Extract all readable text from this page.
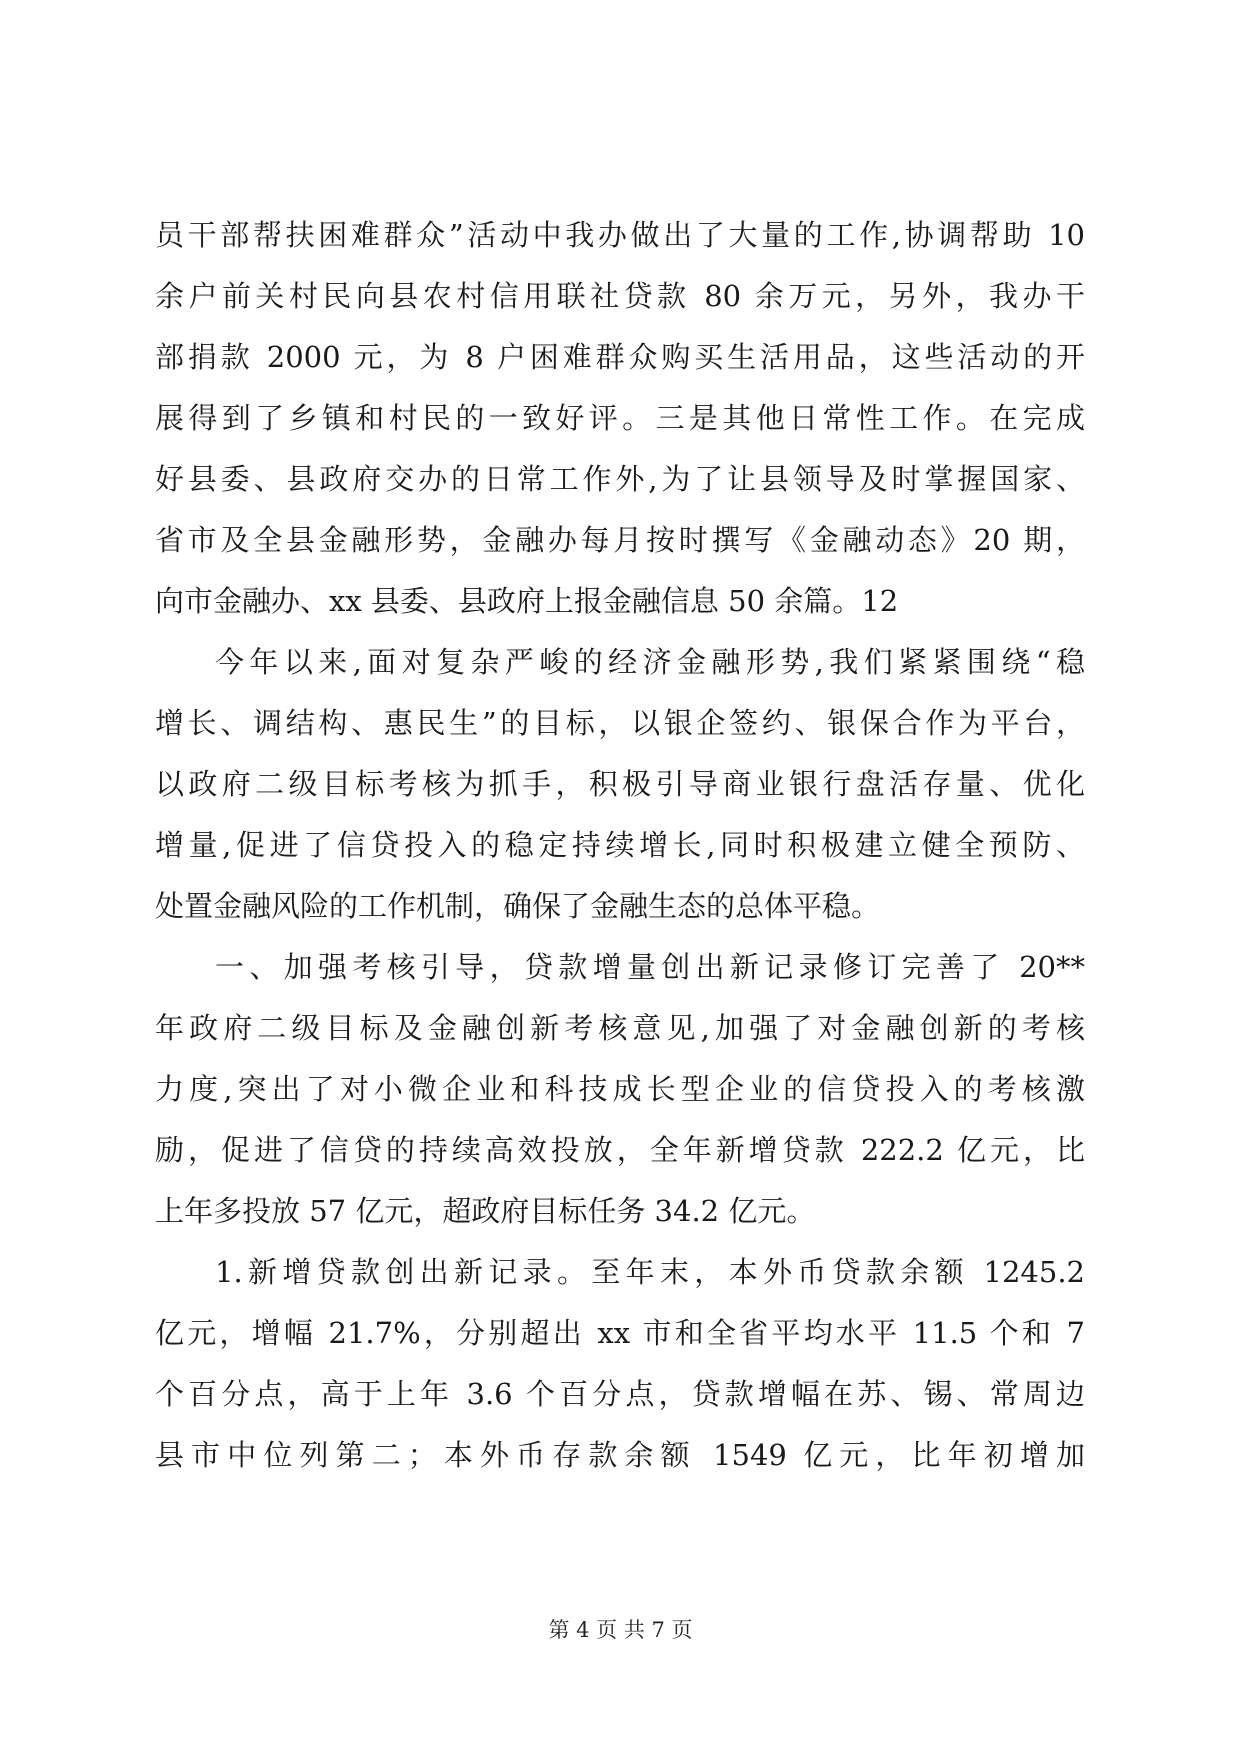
员干部帮扶困难群众”活动中我办做出了大量的工作,协调帮助 10
余户前关村民向县农村信用联社贷款 80 余万元，另外，我办干
部捐款 2000 元，为 8 户困难群众购买生活用品，这些活动的开
展得到了乡镇和村民的一致好评。三是其他日常性工作。在完成
好县委、县政府交办的日常工作外,为了让县领导及时掌握国家、
省市及全县金融形势，金融办每月按时撰写《金融动态》20 期，
向市金融办、xx 县委、县政府上报金融信息 50 余篇。12
今年以来,面对复杂严峻的经济金融形势,我们紧紧围绕“稳
增长、调结构、惠民生”的目标，以银企签约、银保合作为平台，
以政府二级目标考核为抓手，积极引导商业银行盘活存量、优化
增量,促进了信贷投入的稳定持续增长,同时积极建立健全预防、
处置金融风险的工作机制，确保了金融生态的总体平稳。
一、加强考核引导，贷款增量创出新记录修订完善了 20**
年政府二级目标及金融创新考核意见,加强了对金融创新的考核
力度,突出了对小微企业和科技成长型企业的信贷投入的考核激
励，促进了信贷的持续高效投放，全年新增贷款 222.2 亿元，比
上年多投放 57 亿元，超政府目标任务 34.2 亿元。
1.新增贷款创出新记录。至年末，本外币贷款余额 1245.2
亿元，增幅 21.7%，分别超出 xx 市和全省平均水平 11.5 个和 7
个百分点，高于上年 3.6 个百分点，贷款增幅在苏、锡、常周边
县市中位列第二；本外币存款余额 1549 亿元，比年初增加
第 4 页 共 7 页
